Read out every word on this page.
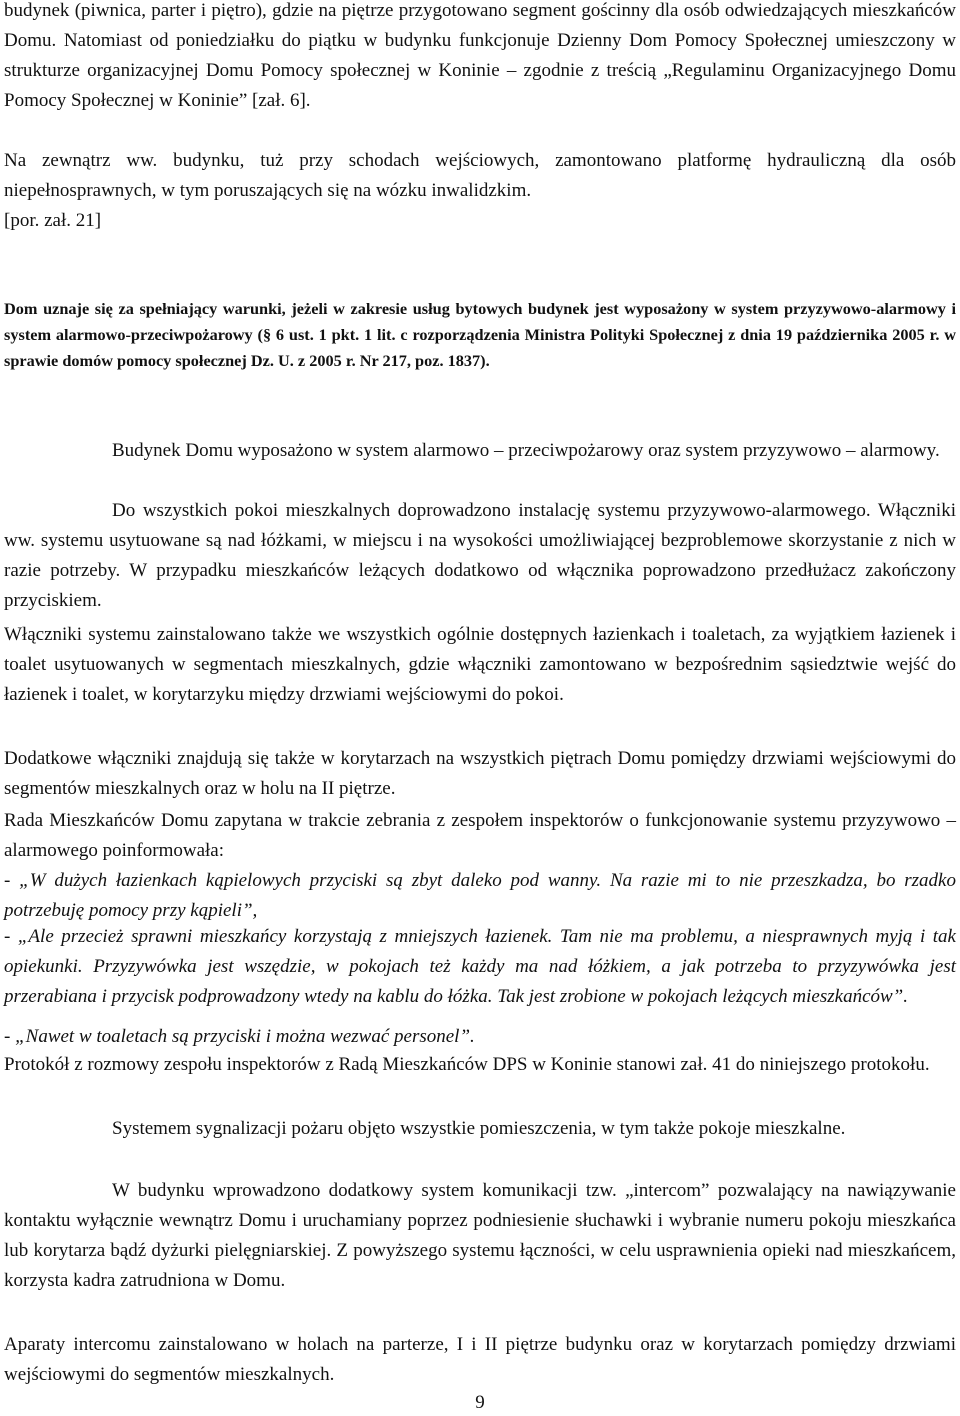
budynek (piwnica, parter i piętro), gdzie na piętrze przygotowano segment gościnny dla osób odwiedzających mieszkańców Domu. Natomiast od poniedziałku do piątku w budynku funkcjonuje Dzienny Dom Pomocy Społecznej umieszczony w strukturze organizacyjnej Domu Pomocy społecznej w Koninie – zgodnie z treścią „Regulaminu Organizacyjnego Domu Pomocy Społecznej w Koninie” [zał. 6].

Na zewnątrz ww. budynku, tuż przy schodach wejściowych, zamontowano platformę hydrauliczną dla osób niepełnosprawnych, w tym poruszających się na wózku inwalidzkim.

[por. zał. 21]

Dom uznaje się za spełniający warunki, jeżeli w zakresie usług bytowych budynek jest wyposażony w system przyzywowo-alarmowy i system alarmowo-przeciwpożarowy (§ 6 ust. 1 pkt. 1 lit. c rozporządzenia Ministra Polityki Społecznej z dnia 19 października 2005 r. w sprawie domów pomocy społecznej Dz. U. z 2005 r. Nr 217, poz. 1837).

Budynek Domu wyposażono w system alarmowo – przeciwpożarowy oraz system przyzywowo – alarmowy.

Do wszystkich pokoi mieszkalnych doprowadzono instalację systemu przyzywowo-alarmowego. Włączniki ww. systemu usytuowane są nad łóżkami, w miejscu i na wysokości umożliwiającej bezproblemowe skorzystanie z nich w razie potrzeby. W przypadku mieszkańców leżących dodatkowo od włącznika poprowadzono przedłużacz zakończony przyciskiem.

Włączniki systemu zainstalowano także we wszystkich ogólnie dostępnych łazienkach i toaletach, za wyjątkiem łazienek i toalet usytuowanych w segmentach mieszkalnych, gdzie włączniki zamontowano w bezpośrednim sąsiedztwie wejść do łazienek i toalet, w korytarzyku między drzwiami wejściowymi do pokoi.

Dodatkowe włączniki znajdują się także w korytarzach na wszystkich piętrach Domu pomiędzy drzwiami wejściowymi do segmentów mieszkalnych oraz w holu na II piętrze.

Rada Mieszkańców Domu zapytana w trakcie zebrania z zespołem inspektorów o funkcjonowanie systemu przyzywowo – alarmowego poinformowała:

- „W dużych łazienkach kąpielowych przyciski są zbyt daleko pod wanny. Na razie mi to nie przeszkadza, bo rzadko potrzebuję pomocy przy kąpieli”,

- „Ale przecież sprawni mieszkańcy korzystają z mniejszych łazienek. Tam nie ma problemu, a niesprawnych myją i tak opiekunki. Przyzywówka jest wszędzie, w pokojach też każdy ma nad łóżkiem, a jak potrzeba to przyzywówka jest przerabiana i przycisk podprowadzony wtedy na kablu do łóżka. Tak jest zrobione w pokojach leżących mieszkańców”.

- „Nawet w toaletach są przyciski i można wezwać personel”.

Protokół z rozmowy zespołu inspektorów z Radą Mieszkańców DPS w Koninie stanowi zał. 41 do niniejszego protokołu.

Systemem sygnalizacji pożaru objęto wszystkie pomieszczenia, w tym także pokoje mieszkalne.

W budynku wprowadzono dodatkowy system komunikacji tzw. „intercom” pozwalający na nawiązywanie kontaktu wyłącznie wewnątrz Domu i uruchamiany poprzez podniesienie słuchawki i wybranie numeru pokoju mieszkańca lub korytarza bądź dyżurki pielęgniarskiej. Z powyższego systemu łączności, w celu usprawnienia opieki nad mieszkańcem, korzysta kadra zatrudniona w Domu.

Aparaty intercomu zainstalowano w holach na parterze, I i II piętrze budynku oraz w korytarzach pomiędzy drzwiami wejściowymi do segmentów mieszkalnych.

9
